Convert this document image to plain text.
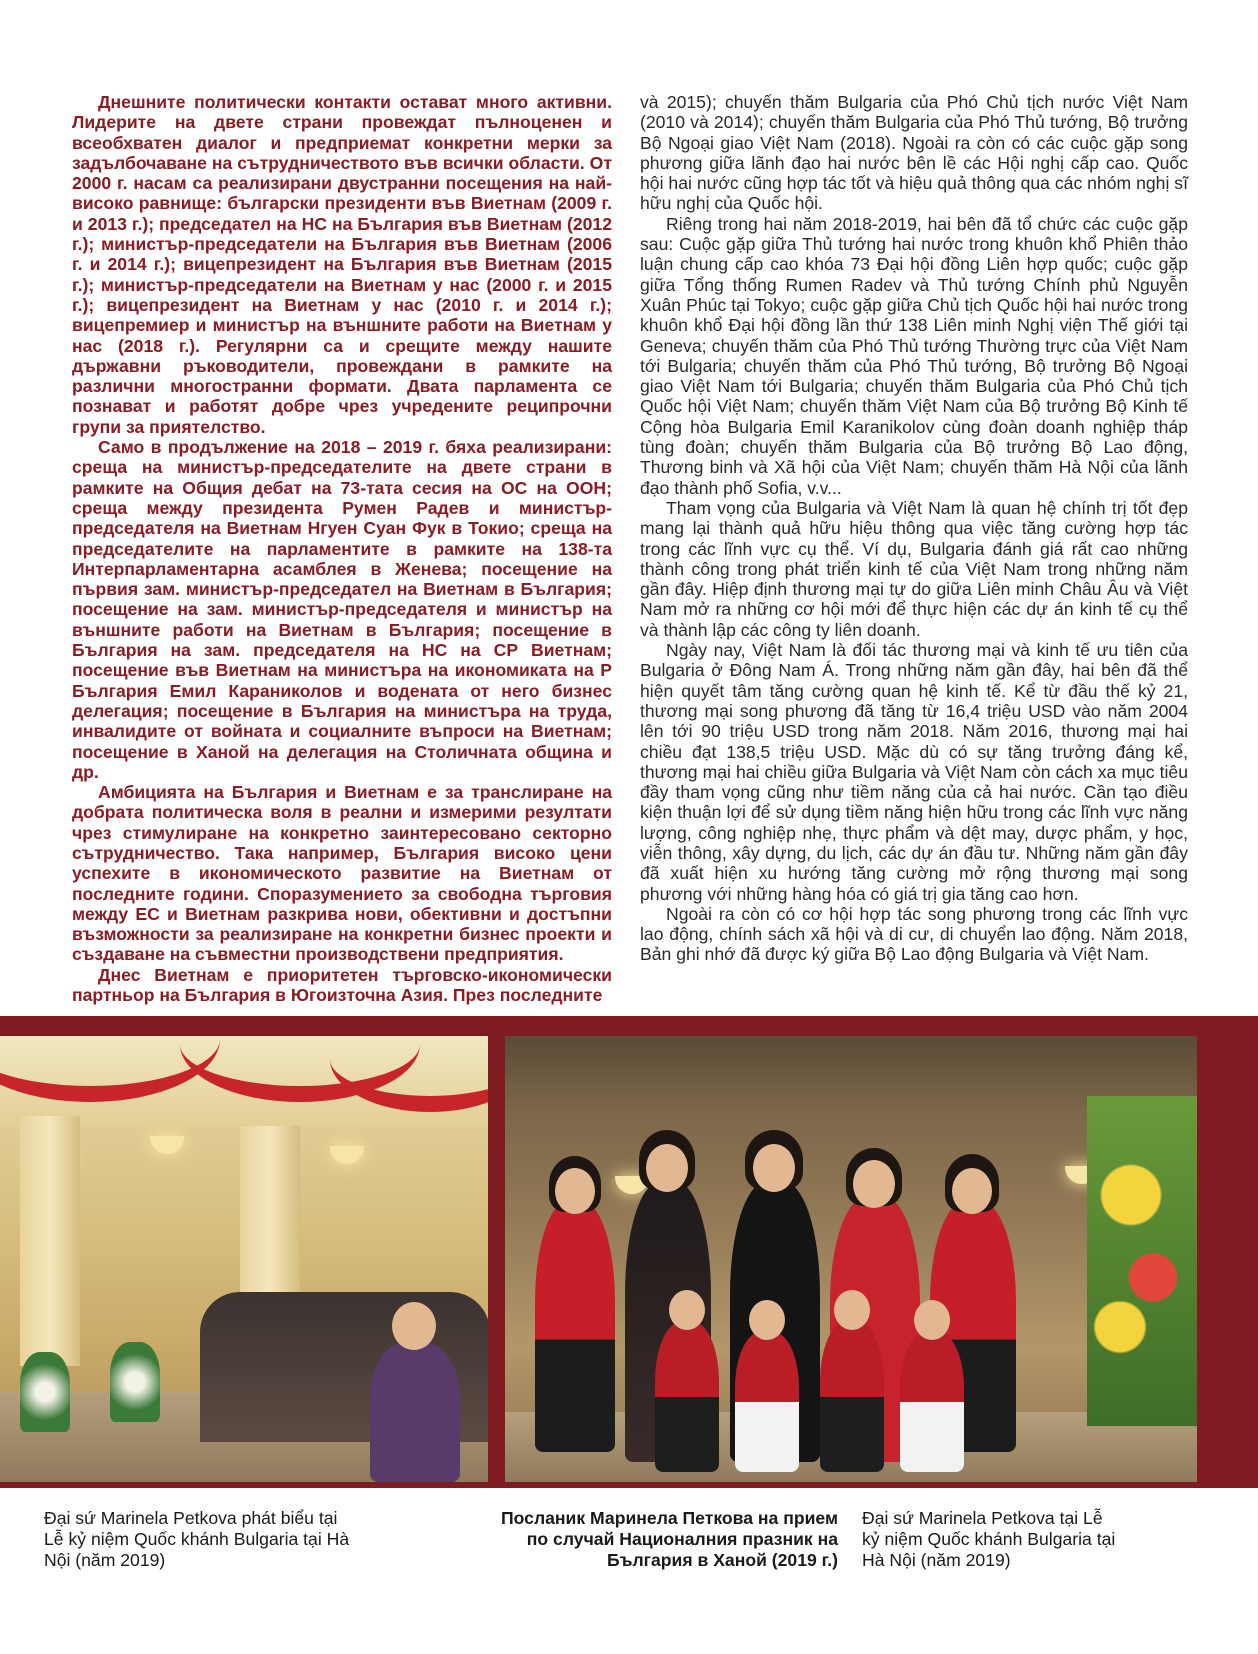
Днешните политически контакти остават много активни. Лидерите на двете страни провеждат пълноценен и всеобхватен диалог и предприемат конкретни мерки за задълбочаване на сътрудничеството във всички области. От 2000 г. насам са реализирани двустранни посещения на най-високо равнище: български президенти във Виетнам (2009 г. и 2013 г.); председател на НС на България във Виетнам (2012 г.); министър-председатели на България във Виетнам (2006 г. и 2014 г.); вицепрезидент на България във Виетнам (2015 г.); министър-председатели на Виетнам у нас (2000 г. и 2015 г.); вицепрезидент на Виетнам у нас (2010 г. и 2014 г.); вицепремиер и министър на външните работи на Виетнам у нас (2018 г.). Регулярни са и срещите между нашите държавни ръководители, провеждани в рамките на различни многостранни формати. Двата парламента се познават и работят добре чрез учредените реципрочни групи за приятелство.

Само в продължение на 2018 – 2019 г. бяха реализирани: среща на министър-председателите на двете страни в рамките на Общия дебат на 73-тата сесия на ОС на ООН; среща между президента Румен Радев и министър-председателя на Виетнам Нгуен Суан Фук в Токио; среща на председателите на парламентите в рамките на 138-та Интерпарламентарна асамблея в Женева; посещение на първия зам. министър-председател на Виетнам в България; посещение на зам. министър-председателя и министър на външните работи на Виетнам в България; посещение в България на зам. председателя на НС на СР Виетнам; посещение във Виетнам на министъра на икономиката на Р България Емил Караниколов и водената от него бизнес делегация; посещение в България на министъра на труда, инвалидите от войната и социалните въпроси на Виетнам; посещение в Ханой на делегация на Столичната община и др.

Амбицията на България и Виетнам е за транслиране на добрата политическа воля в реални и измерими резултати чрез стимулиране на конкретно заинтересовано секторно сътрудничество. Така например, България високо цени успехите в икономическото развитие на Виетнам от последните години. Споразумението за свободна търговия между ЕС и Виетнам разкрива нови, обективни и достъпни възможности за реализиране на конкретни бизнес проекти и създаване на съвместни производствени предприятия.

Днес Виетнам е приоритетен търговско-икономически партньор на България в Югоизточна Азия. През последните

và 2015); chuyến thăm Bulgaria của Phó Chủ tịch nước Việt Nam (2010 và 2014); chuyến thăm Bulgaria của Phó Thủ tướng, Bộ trưởng Bộ Ngoại giao Việt Nam (2018). Ngoài ra còn có các cuộc gặp song phương giữa lãnh đạo hai nước bên lề các Hội nghị cấp cao. Quốc hội hai nước cũng hợp tác tốt và hiệu quả thông qua các nhóm nghị sĩ hữu nghị của Quốc hội.

Riêng trong hai năm 2018-2019, hai bên đã tổ chức các cuộc gặp sau: Cuộc gặp giữa Thủ tướng hai nước trong khuôn khổ Phiên thảo luận chung cấp cao khóa 73 Đại hội đồng Liên hợp quốc; cuộc gặp giữa Tổng thống Rumen Radev và Thủ tướng Chính phủ Nguyễn Xuân Phúc tại Tokyo; cuộc gặp giữa Chủ tịch Quốc hội hai nước trong khuôn khổ Đại hội đồng lần thứ 138 Liên minh Nghị viện Thế giới tại Geneva; chuyến thăm của Phó Thủ tướng Thường trực của Việt Nam tới Bulgaria; chuyến thăm của Phó Thủ tướng, Bộ trưởng Bộ Ngoại giao Việt Nam tới Bulgaria; chuyến thăm Bulgaria của Phó Chủ tịch Quốc hội Việt Nam; chuyến thăm Việt Nam của Bộ trưởng Bộ Kinh tế Cộng hòa Bulgaria Emil Karanikolov cùng đoàn doanh nghiệp tháp tùng đoàn; chuyến thăm Bulgaria của Bộ trưởng Bộ Lao động, Thương binh và Xã hội của Việt Nam; chuyến thăm Hà Nội của lãnh đạo thành phố Sofia, v.v...

Tham vọng của Bulgaria và Việt Nam là quan hệ chính trị tốt đẹp mang lại thành quả hữu hiệu thông qua việc tăng cường hợp tác trong các lĩnh vực cụ thể. Ví dụ, Bulgaria đánh giá rất cao những thành công trong phát triển kinh tế của Việt Nam trong những năm gần đây. Hiệp định thương mại tự do giữa Liên minh Châu Âu và Việt Nam mở ra những cơ hội mới để thực hiện các dự án kinh tế cụ thể và thành lập các công ty liên doanh.

Ngày nay, Việt Nam là đối tác thương mại và kinh tế ưu tiên của Bulgaria ở Đông Nam Á. Trong những năm gần đây, hai bên đã thể hiện quyết tâm tăng cường quan hệ kinh tế. Kể từ đầu thế kỷ 21, thương mại song phương đã tăng từ 16,4 triệu USD vào năm 2004 lên tới 90 triệu USD trong năm 2018. Năm 2016, thương mại hai chiều đạt 138,5 triệu USD. Mặc dù có sự tăng trưởng đáng kể, thương mại hai chiều giữa Bulgaria và Việt Nam còn cách xa mục tiêu đầy tham vọng cũng như tiềm năng của cả hai nước. Cần tạo điều kiện thuận lợi để sử dụng tiềm năng hiện hữu trong các lĩnh vực năng lượng, công nghiệp nhẹ, thực phẩm và dệt may, dược phẩm, y học, viễn thông, xây dựng, du lịch, các dự án đầu tư. Những năm gần đây đã xuất hiện xu hướng tăng cường mở rộng thương mại song phương với những hàng hóa có giá trị gia tăng cao hơn.

Ngoài ra còn có cơ hội hợp tác song phương trong các lĩnh vực lao động, chính sách xã hội và di cư, di chuyển lao động. Năm 2018, Bản ghi nhớ đã được ký giữa Bộ Lao động Bulgaria và Việt Nam.

Đại sứ Marinela Petkova phát biểu tại Lễ kỷ niệm Quốc khánh Bulgaria tại Hà Nội (năm 2019)
Посланик Маринела Петкова на прием по случай Националния празник на България в Ханой (2019 г.)
Đại sứ Marinela Petkova tại Lễ kỷ niệm Quốc khánh Bulgaria tại Hà Nội (năm 2019)
